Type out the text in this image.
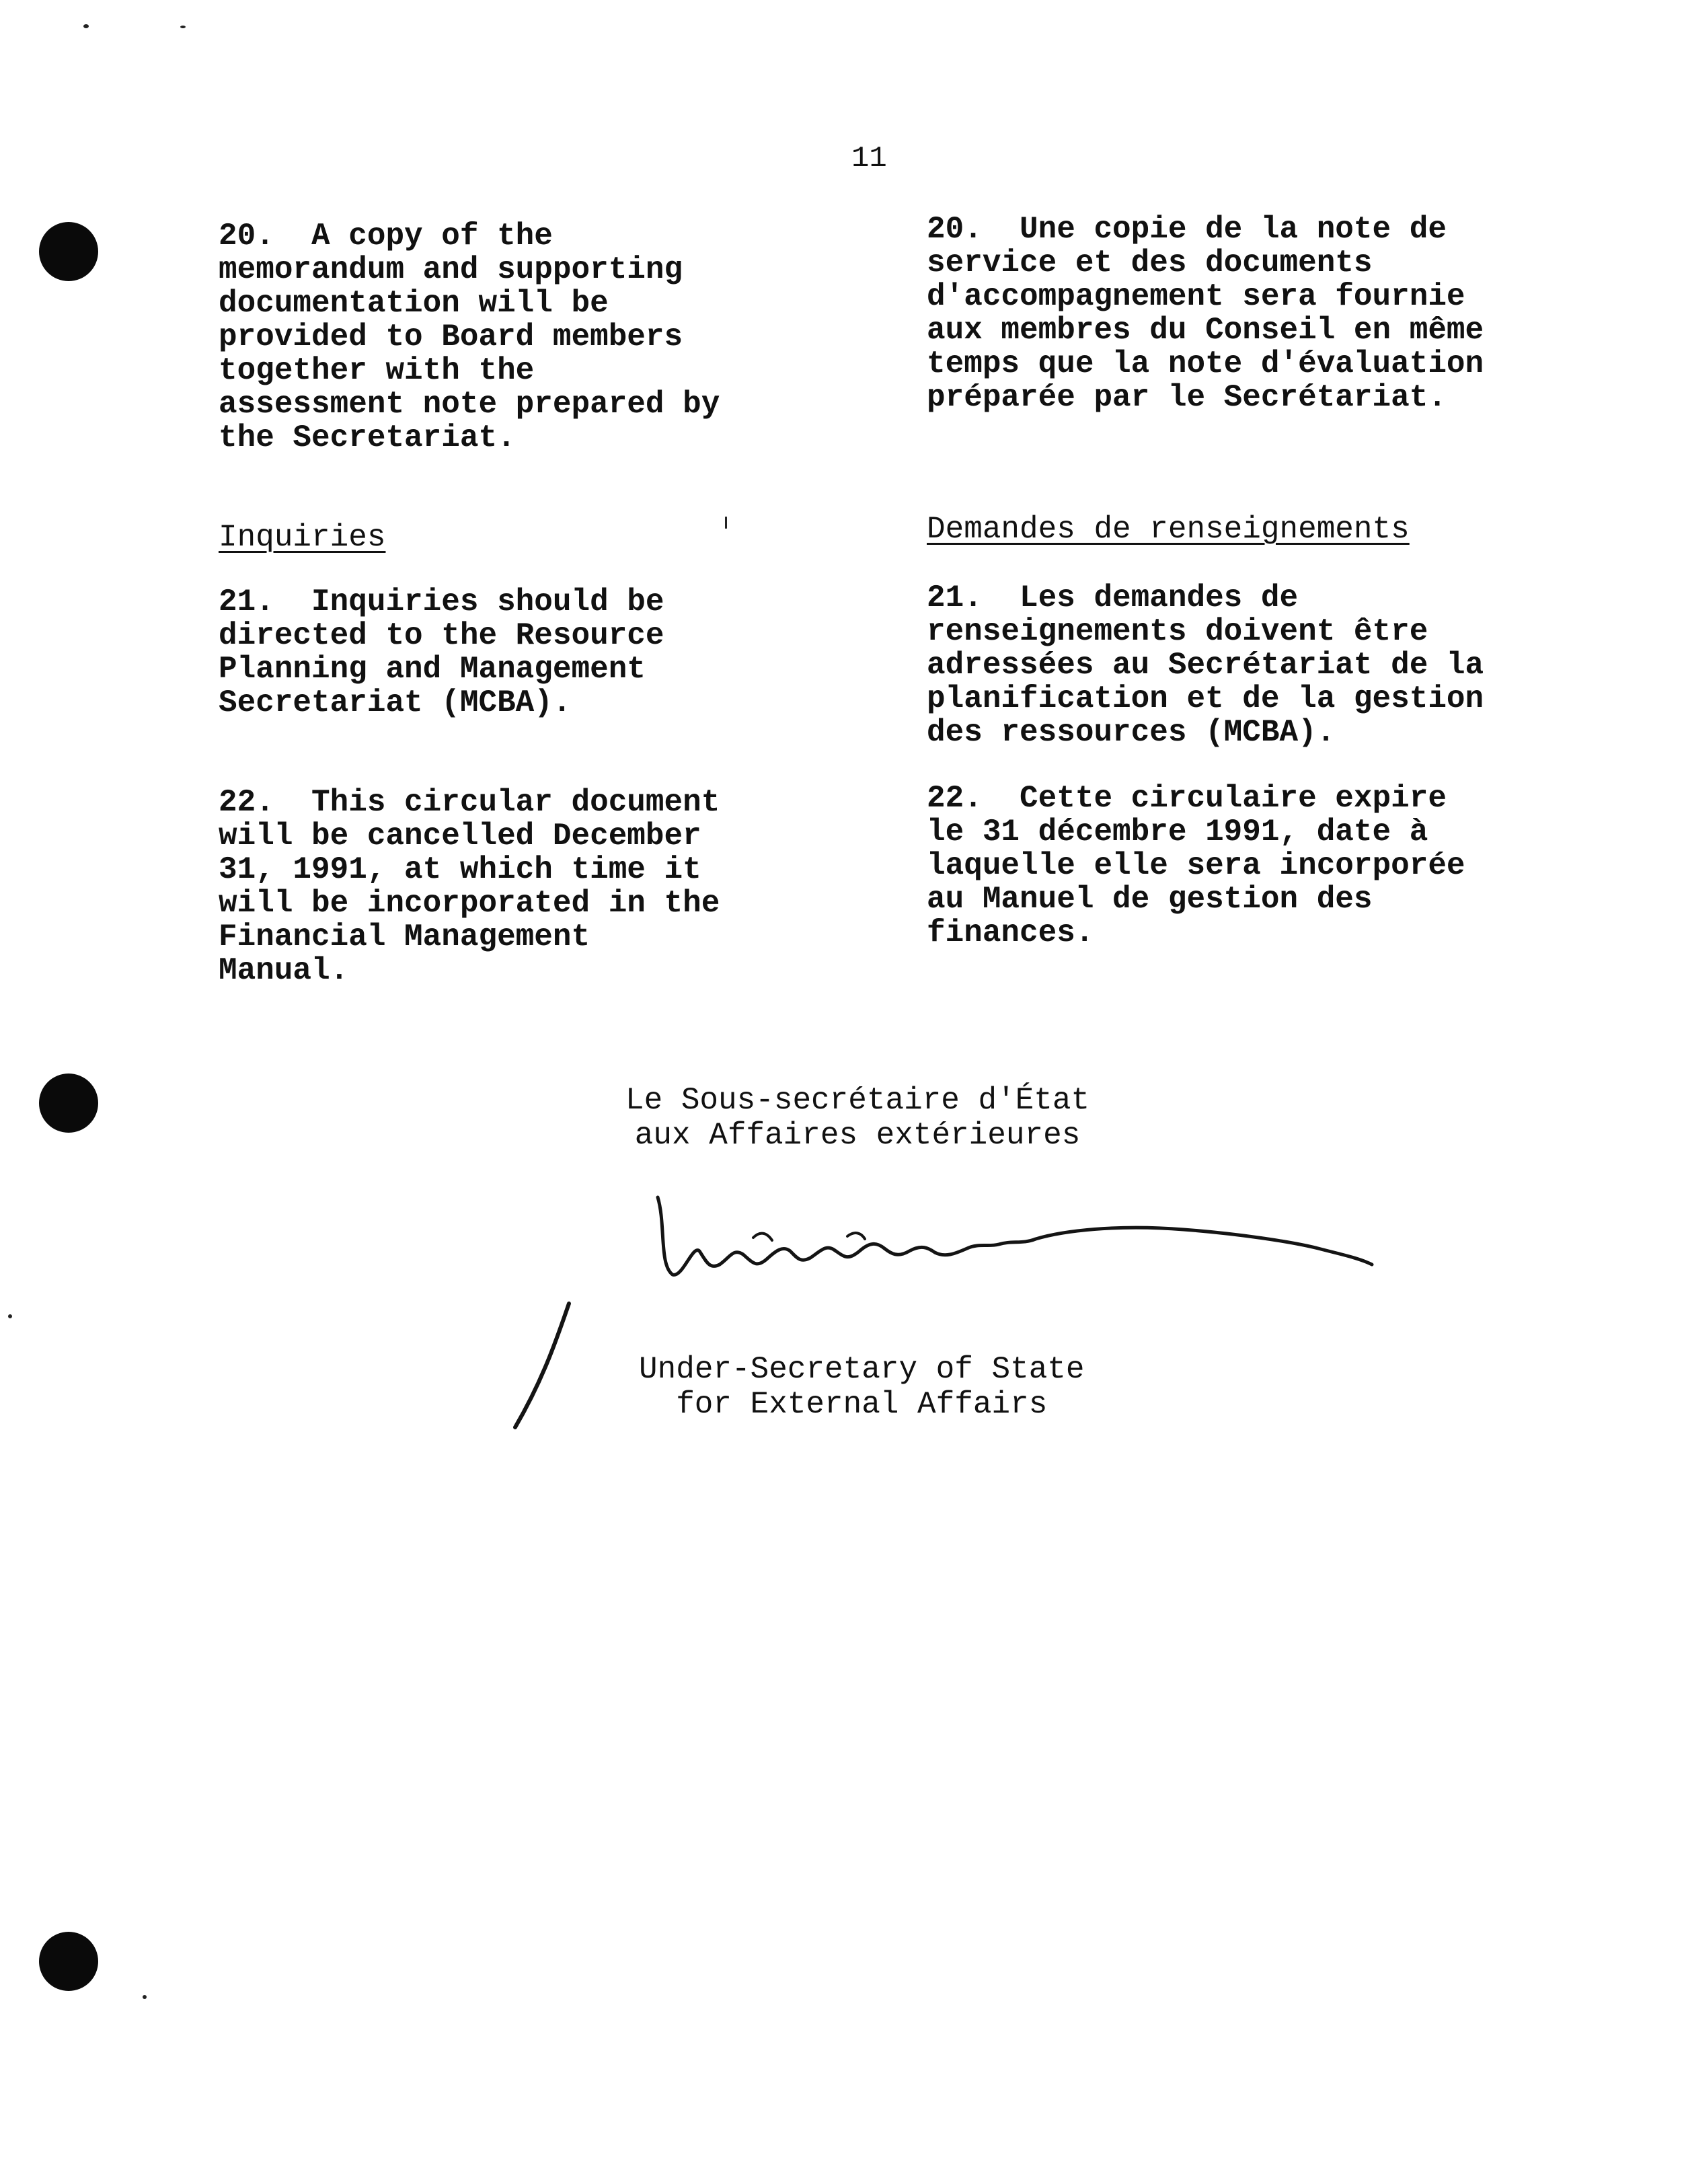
11

20.  A copy of the
memorandum and supporting
documentation will be
provided to Board members
together with the
assessment note prepared by
the Secretariat.

Inquiries

21.  Inquiries should be
directed to the Resource
Planning and Management
Secretariat (MCBA).

22.  This circular document
will be cancelled December
31, 1991, at which time it
will be incorporated in the
Financial Management
Manual.

20.  Une copie de la note de
service et des documents
d'accompagnement sera fournie
aux membres du Conseil en même
temps que la note d'évaluation
préparée par le Secrétariat.

Demandes de renseignements

21.  Les demandes de
renseignements doivent être
adressées au Secrétariat de la
planification et de la gestion
des ressources (MCBA).

22.  Cette circulaire expire
le 31 décembre 1991, date à
laquelle elle sera incorporée
au Manuel de gestion des
finances.

Le Sous-secrétaire d'État
aux Affaires extérieures
Under-Secretary of State
for External Affairs
